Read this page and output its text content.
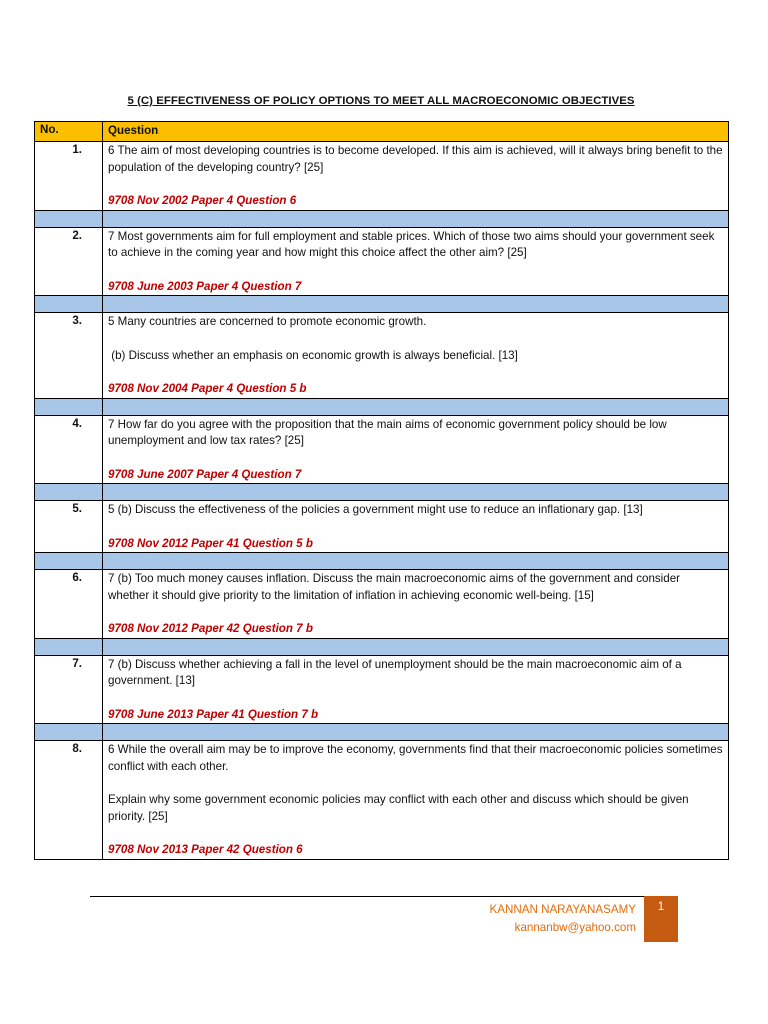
5 (C) EFFECTIVENESS OF POLICY OPTIONS TO MEET ALL MACROECONOMIC OBJECTIVES
No.	Question
1.	6 The aim of most developing countries is to become developed. If this aim is achieved, will it always bring benefit to the population of the developing country? [25]

9708 Nov 2002 Paper 4 Question 6

2.	7 Most governments aim for full employment and stable prices. Which of those two aims should your government seek to achieve in the coming year and how might this choice affect the other aim? [25]

9708 June 2003 Paper 4 Question 7

3.	5 Many countries are concerned to promote economic growth.

(b) Discuss whether an emphasis on economic growth is always beneficial. [13]

9708 Nov 2004 Paper 4 Question 5 b

4.	7 How far do you agree with the proposition that the main aims of economic government policy should be low unemployment and low tax rates? [25]

9708 June 2007 Paper 4 Question 7

5.	5 (b) Discuss the effectiveness of the policies a government might use to reduce an inflationary gap. [13]

9708 Nov 2012 Paper 41 Question 5 b

6.	7 (b) Too much money causes inflation. Discuss the main macroeconomic aims of the government and consider whether it should give priority to the limitation of inflation in achieving economic well-being. [15]

9708 Nov 2012 Paper 42 Question 7 b

7.	7 (b) Discuss whether achieving a fall in the level of unemployment should be the main macroeconomic aim of a government. [13]

9708 June 2013 Paper 41 Question 7 b

8.	6 While the overall aim may be to improve the economy, governments find that their macroeconomic policies sometimes conflict with each other.

Explain why some government economic policies may conflict with each other and discuss which should be given priority. [25]

9708 Nov 2013 Paper 42 Question 6

KANNAN NARAYANASAMY
kannanbw@yahoo.com
1
